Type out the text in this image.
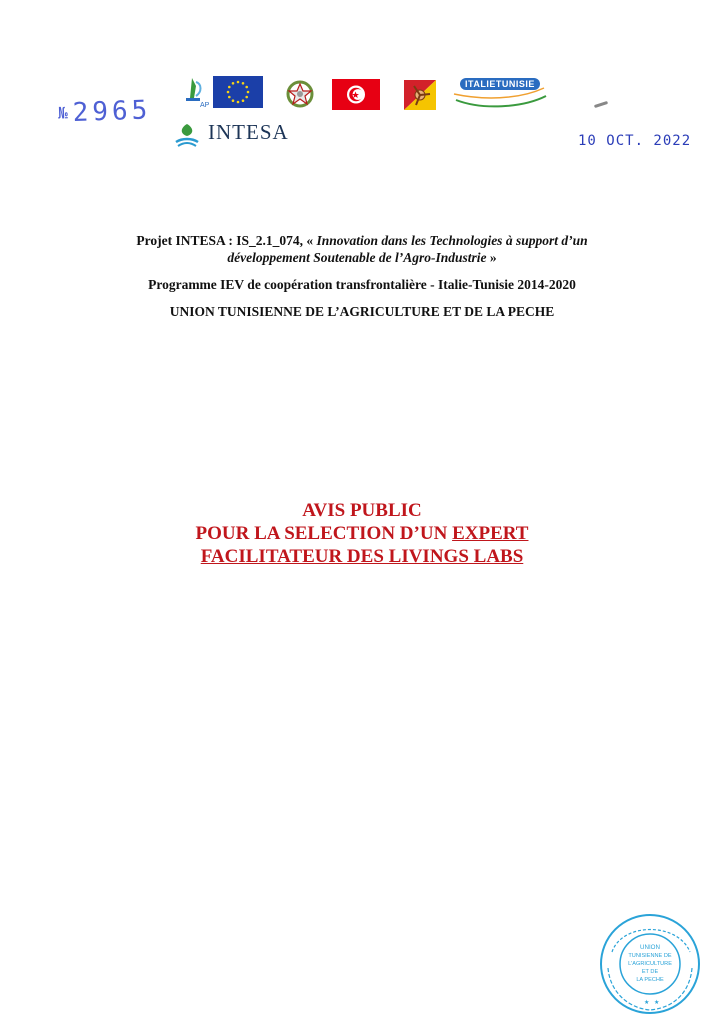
AP
ITALIETUNISIE
INTESA
№ 2965
10 OCT. 2022
Projet INTESA : IS_2.1_074, « Innovation dans les Technologies à support d’un
développement Soutenable de l’Agro-Industrie »
Programme IEV de coopération transfrontalière - Italie-Tunisie 2014-2020
UNION TUNISIENNE DE L’AGRICULTURE ET DE LA PECHE
AVIS PUBLIC
POUR LA SELECTION D’UN EXPERT
FACILITATEUR DES LIVINGS LABS
UNION
TUNISIENNE DE
L'AGRICULTURE
ET DE
LA PECHE
★ ★
